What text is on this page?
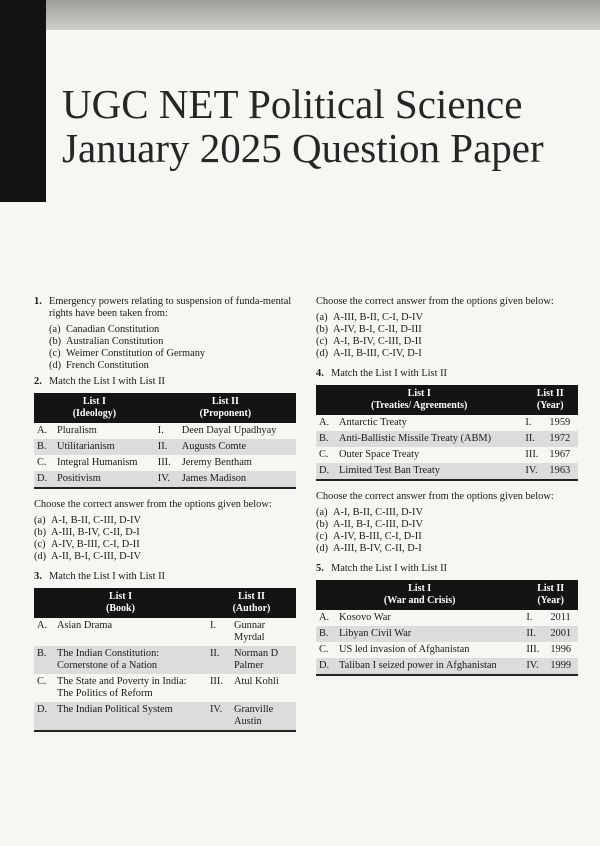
UGC NET Political Science
January 2025 Question Paper
1. Emergency powers relating to suspension of funda-mental rights have been taken from:
(a) Canadian Constitution
(b) Australian Constitution
(c) Weimer Constitution of Germany
(d) French Constitution
2. Match the List I with List II
List I
(Ideology)		List II
(Proponent)	
A.	Pluralism	I.	Deen Dayal Upadhyay
B.	Utilitarianism	II.	Augusts Comte
C.	Integral Humanism	III.	Jeremy Bentham
D.	Positivism	IV.	James Madison
Choose the correct answer from the options given below:
(a) A-I, B-II, C-III, D-IV
(b) A-III, B-IV, C-II, D-I
(c) A-IV, B-III, C-I, D-II
(d) A-II, B-I, C-III, D-IV
3. Match the List I with List II
List I
(Book)		List II
(Author)	
A.	Asian Drama	I.	Gunnar Myrdal
B.	The Indian Constitution: Cornerstone of a Nation	II.	Norman D Palmer
C.	The State and Poverty in India: The Politics of Reform	III.	Atul Kohli
D.	The Indian Political System	IV.	Granville Austin
Choose the correct answer from the options given below:
(a) A-III, B-II, C-I, D-IV
(b) A-IV, B-I, C-II, D-III
(c) A-I, B-IV, C-III, D-II
(d) A-II, B-III, C-IV, D-I
4. Match the List I with List II
List I
(Treaties/ Agreements)		List II
(Year)	
A.	Antarctic Treaty	I.	1959
B.	Anti-Ballistic Missile Treaty (ABM)	II.	1972
C.	Outer Space Treaty	III.	1967
D.	Limited Test Ban Treaty	IV.	1963
Choose the correct answer from the options given below:
(a) A-I, B-II, C-III, D-IV
(b) A-II, B-I, C-III, D-IV
(c) A-IV, B-III, C-I, D-II
(d) A-III, B-IV, C-II, D-I
5. Match the List I with List II
List I
(War and Crisis)		List II
(Year)	
A.	Kosovo War	I.	2011
B.	Libyan Civil War	II.	2001
C.	US led invasion of Afghanistan	III.	1996
D.	Taliban I seized power in Afghanistan	IV.	1999
